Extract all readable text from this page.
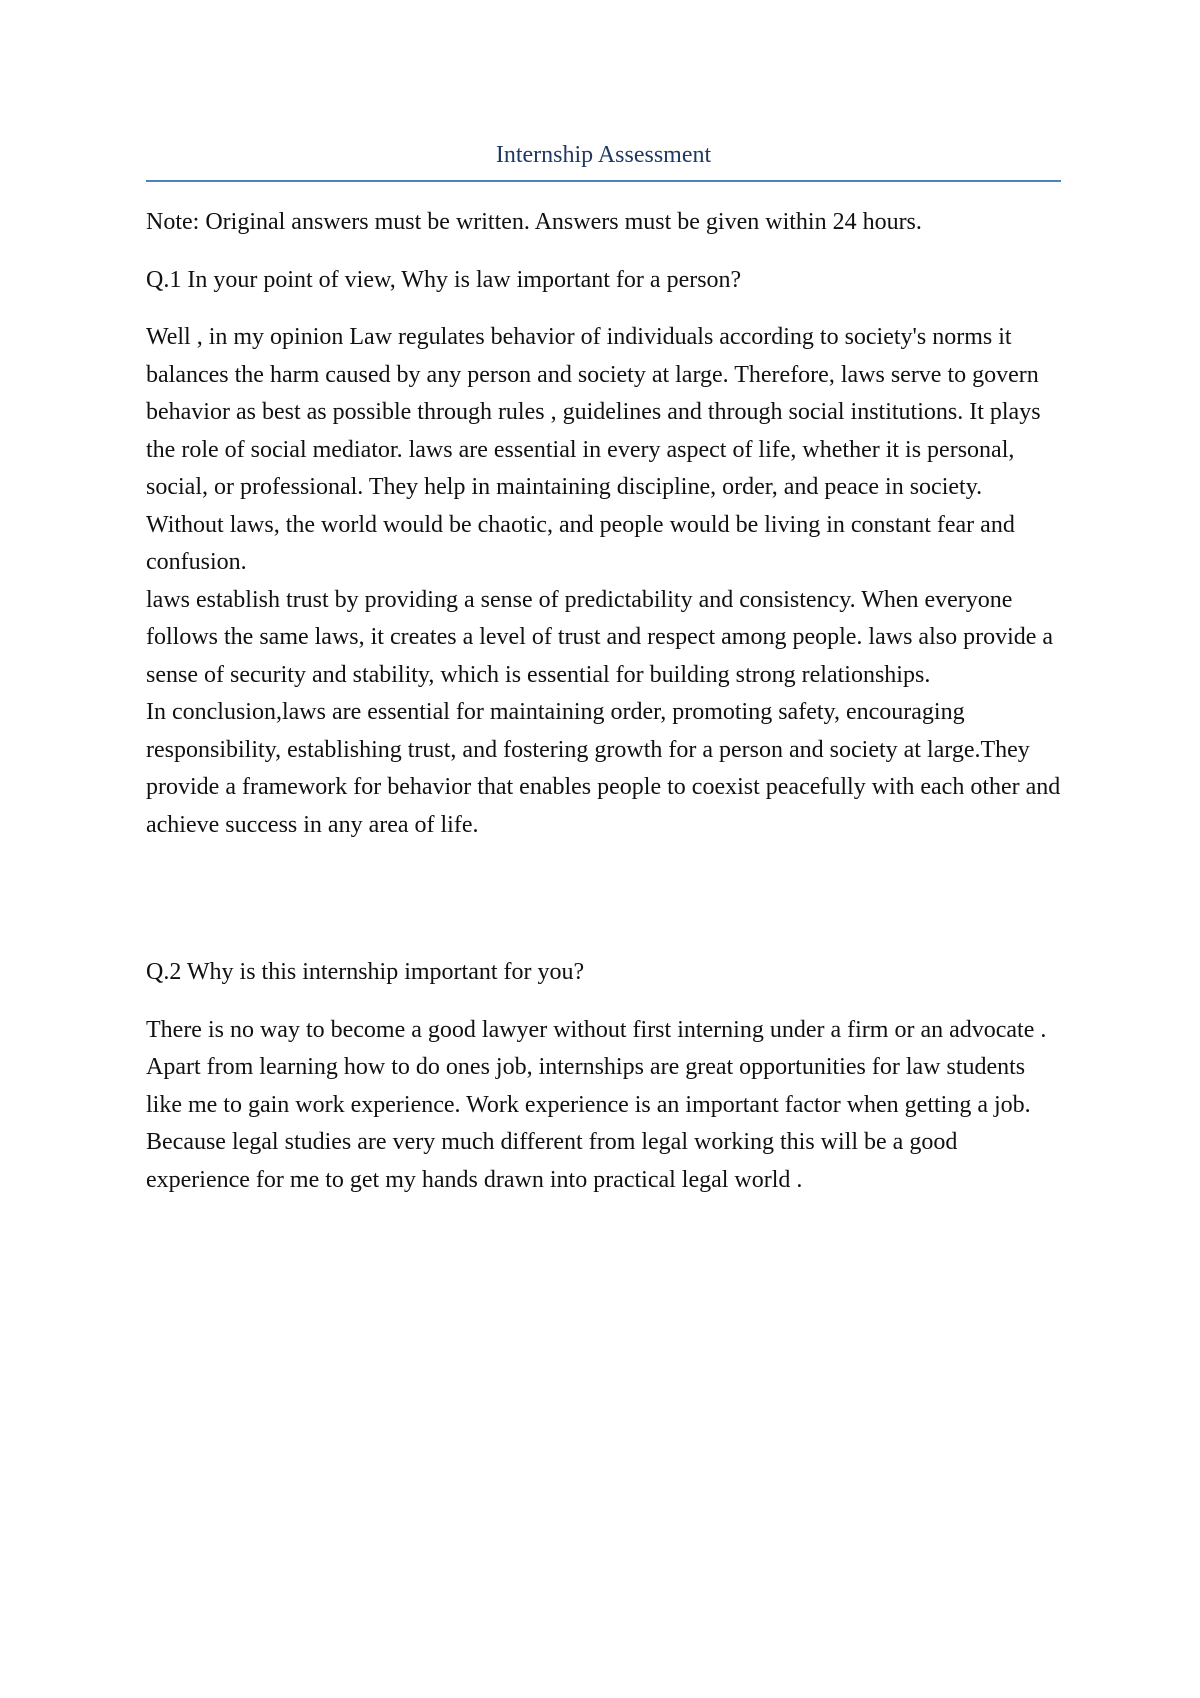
Internship Assessment

Note: Original answers must be written. Answers must be given within 24 hours.

Q.1 In your point of view, Why is law important for a person?

Well , in my opinion Law regulates behavior of individuals according to society's norms it balances the harm caused by any person and society at large. Therefore, laws serve to govern behavior as best as possible through rules , guidelines and through social institutions. It plays the role of social mediator. laws are essential in every aspect of life, whether it is personal, social, or professional. They help in maintaining discipline, order, and peace in society. Without laws, the world would be chaotic, and people would be living in constant fear and confusion.

laws establish trust by providing a sense of predictability and consistency. When everyone follows the same laws, it creates a level of trust and respect among people. laws also provide a sense of security and stability, which is essential for building strong relationships.

In conclusion,laws are essential for maintaining order, promoting safety, encouraging responsibility, establishing trust, and fostering growth for a person and society at large.They provide a framework for behavior that enables people to coexist peacefully with each other and achieve success in any area of life.

Q.2 Why is this internship important for you?

There is no way to become a good lawyer without first interning under a firm or an advocate . Apart from learning how to do ones job, internships are great opportunities for law students like me to gain work experience. Work experience is an important factor when getting a job. Because legal studies are very much different from legal working this will be a good experience for me to get my hands drawn into practical legal world .
